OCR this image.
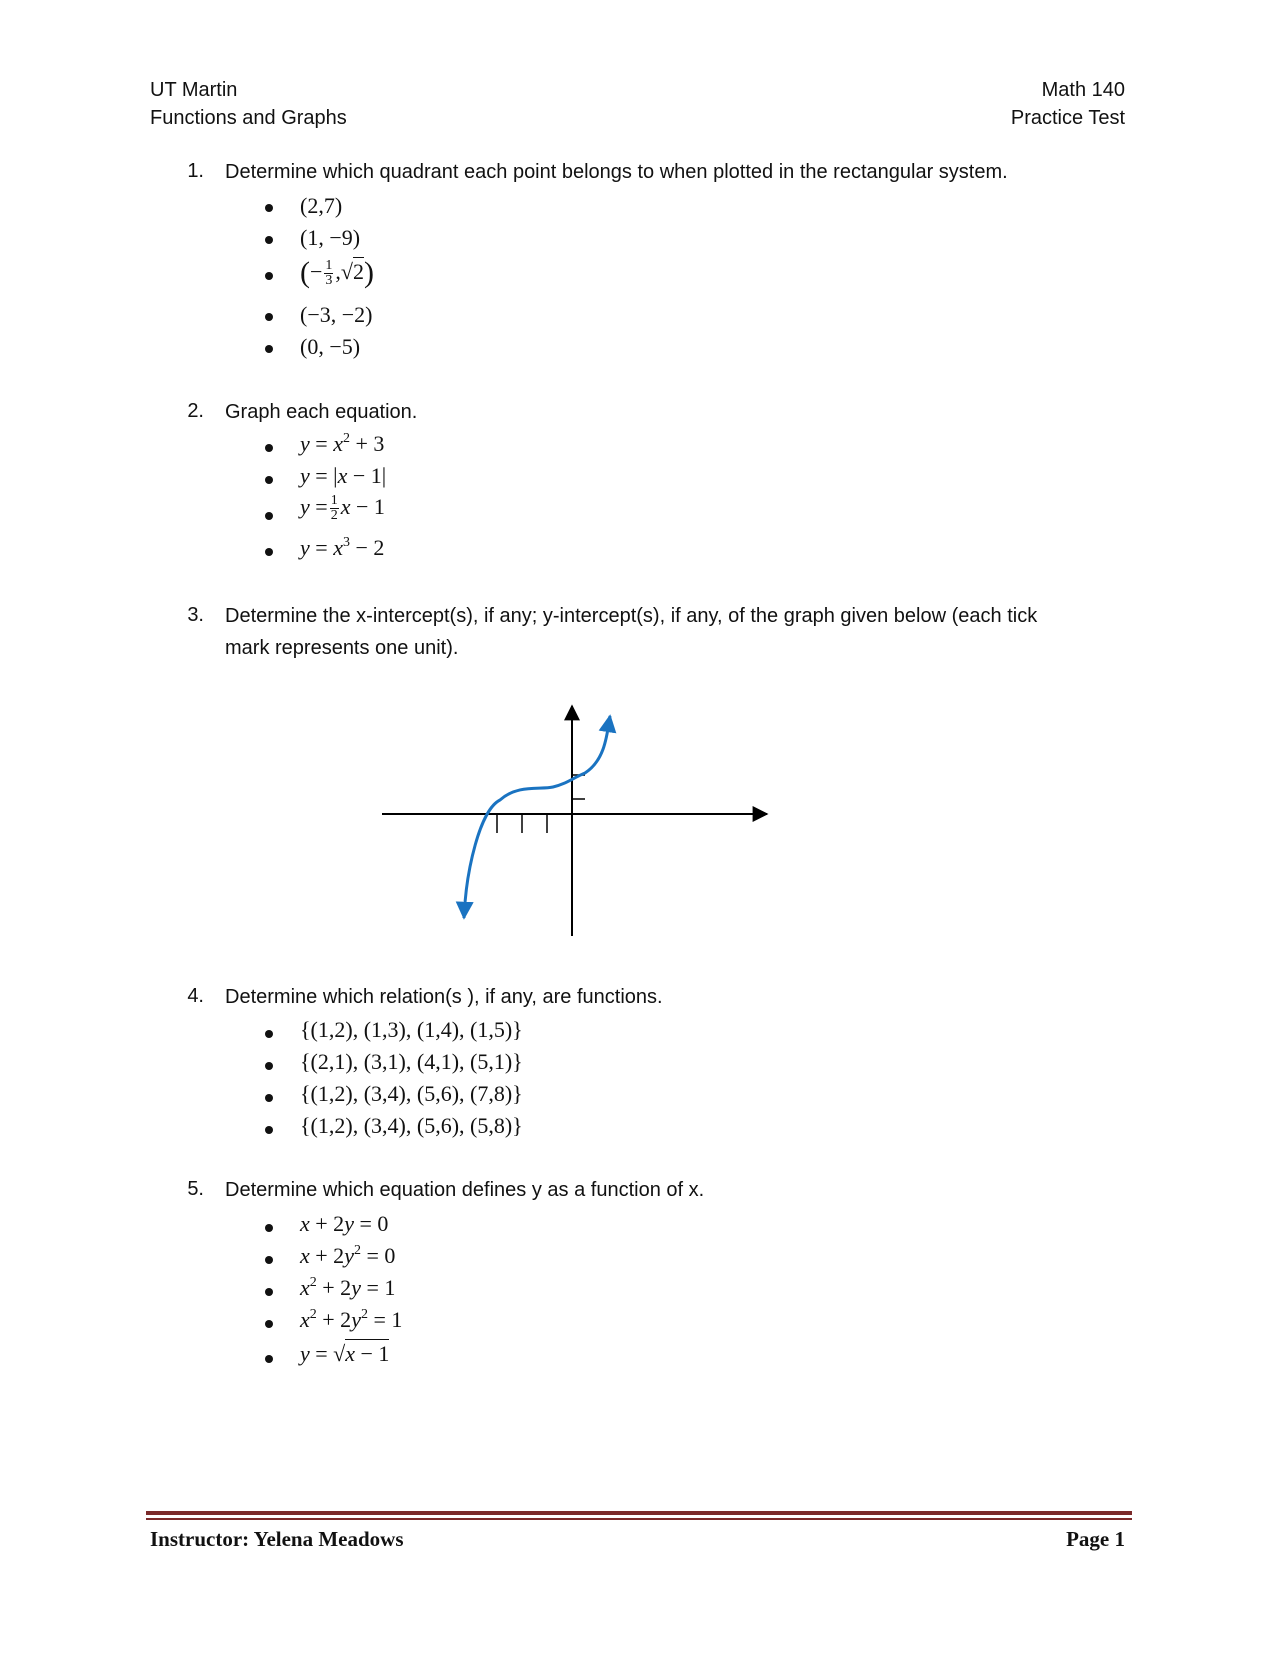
UT Martin
Functions and Graphs
Math 140
Practice Test
1. Determine which quadrant each point belongs to when plotted in the rectangular system.
(2,7)
(1, −9)
(− $\frac{1}{3} ,√2$)
(−3, −2)
(0, −5)
2. Graph each equation.
$y = x^2 + 3$
y = |x − 1|
$y = \frac{1}{2}$ x − 1
$y = x^3 - 2$
3. Determine the x-intercept(s), if any; y-intercept(s), if any, of the graph given below (each tick
mark represents one unit).
4. Determine which relation(s ), if any, are functions.
{(1,2), (1,3), (1,4), (1,5)}
{(2,1), (3,1), (4,1), (5,1)}
{(1,2), (3,4), (5,6), (7,8)}
{(1,2), (3,4), (5,6), (5,8)}
5. Determine which equation defines y as a function of x.
x + 2y = 0
$x + 2y^2 = 0$
$x^2 + 2y = 1$
$x^2 + 2y^2 = 1$
y = √x − 1
Instructor: Yelena Meadows	Page 1
